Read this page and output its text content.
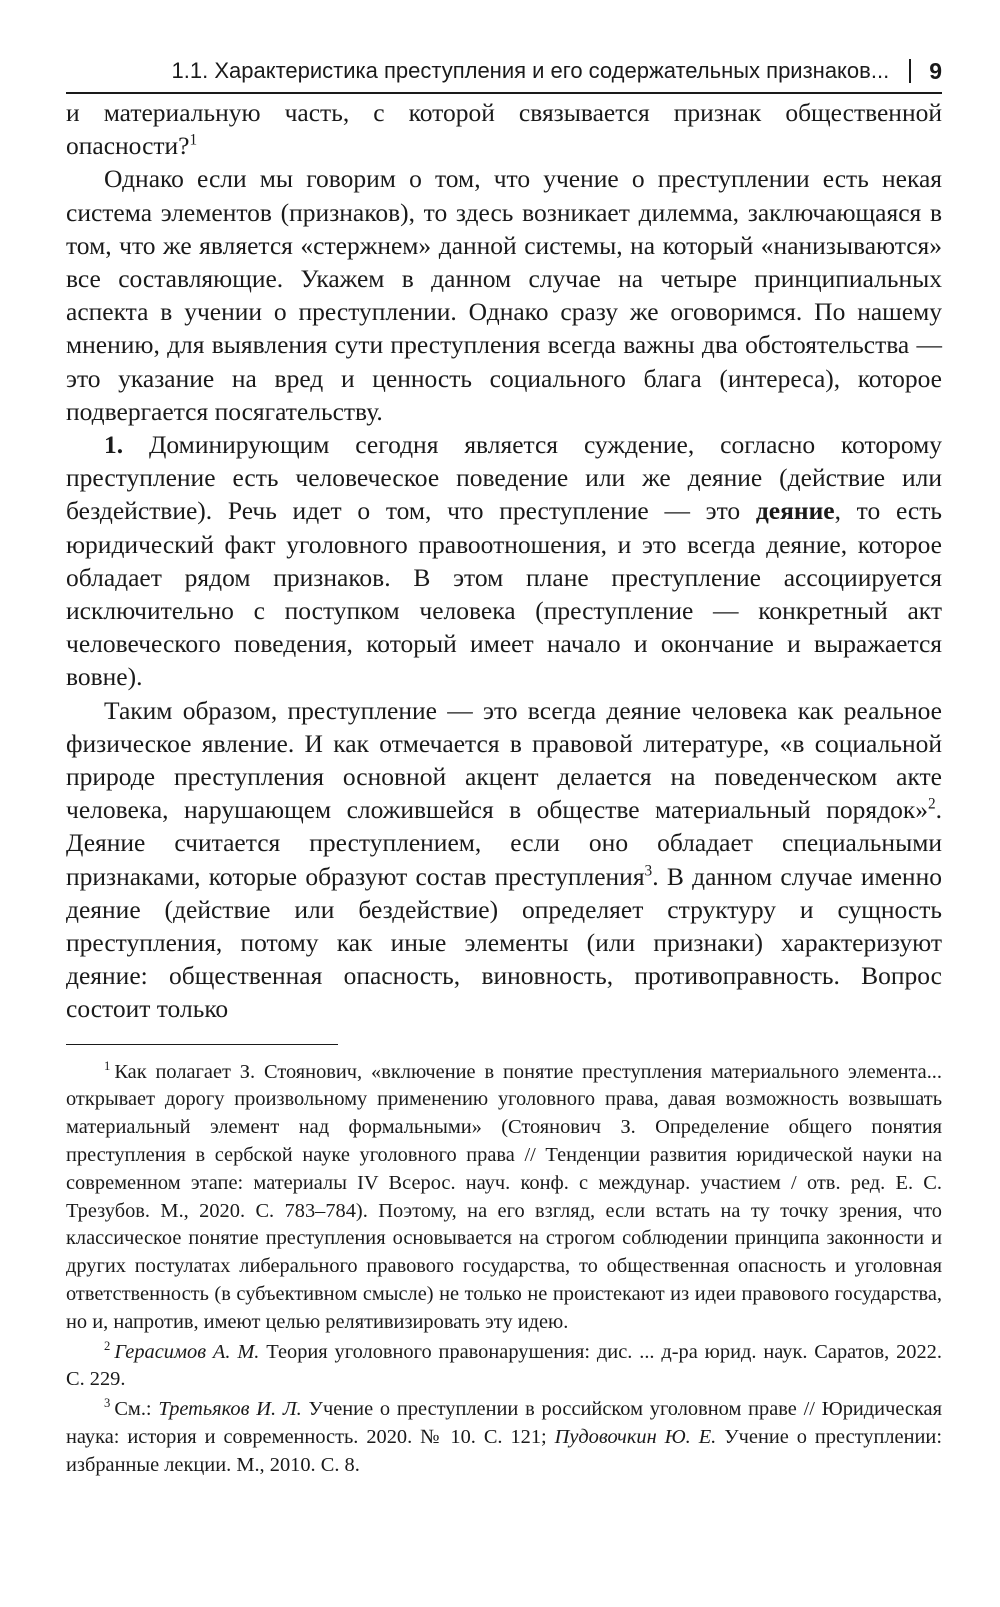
1.1. Характеристика преступления и его содержательных признаков... 9

и материальную часть, с которой связывается признак общественной опасности?$^1$

Однако если мы говорим о том, что учение о преступлении есть некая система элементов (признаков), то здесь возникает дилемма, заключающаяся в том, что же является «стержнем» данной системы, на который «нанизываются» все составляющие. Укажем в данном случае на четыре принципиальных аспекта в учении о преступлении. Однако сразу же оговоримся. По нашему мнению, для выявления сути преступления всегда важны два обстоятельства — это указание на вред и ценность социального блага (интереса), которое подвергается посягательству.

1. Доминирующим сегодня является суждение, согласно которому преступление есть человеческое поведение или же деяние (действие или бездействие). Речь идет о том, что преступление — это деяние, то есть юридический факт уголовного правоотношения, и это всегда деяние, которое обладает рядом признаков. В этом плане преступление ассоциируется исключительно с поступком человека (преступление — конкретный акт человеческого поведения, который имеет начало и окончание и выражается вовне).

Таким образом, преступление — это всегда деяние человека как реальное физическое явление. И как отмечается в правовой литературе, «в социальной природе преступления основной акцент делается на поведенческом акте человека, нарушающем сложившейся в обществе материальный порядок»$^2$. Деяние считается преступлением, если оно обладает специальными признаками, которые образуют состав преступления$^3$. В данном случае именно деяние (действие или бездействие) определяет структуру и сущность преступления, потому как иные элементы (или признаки) характеризуют деяние: общественная опасность, виновность, противоправность. Вопрос состоит только

$^1$ Как полагает З. Стоянович, «включение в понятие преступления материального элемента... открывает дорогу произвольному применению уголовного права, давая возможность возвышать материальный элемент над формальными» (Стоянович З. Определение общего понятия преступления в сербской науке уголовного права // Тенденции развития юридической науки на современном этапе: материалы IV Всерос. науч. конф. с междунар. участием / отв. ред. Е. С. Трезубов. М., 2020. С. 783–784). Поэтому, на его взгляд, если встать на ту точку зрения, что классическое понятие преступления основывается на строгом соблюдении принципа законности и других постулатах либерального правового государства, то общественная опасность и уголовная ответственность (в субъективном смысле) не только не проистекают из идеи правового государства, но и, напротив, имеют целью релятивизировать эту идею.

$^2$ Герасимов А. М. Теория уголовного правонарушения: дис. ... д-ра юрид. наук. Саратов, 2022. С. 229.

$^3$ См.: Третьяков И. Л. Учение о преступлении в российском уголовном праве // Юридическая наука: история и современность. 2020. № 10. С. 121; Пудовочкин Ю. Е. Учение о преступлении: избранные лекции. М., 2010. С. 8.
